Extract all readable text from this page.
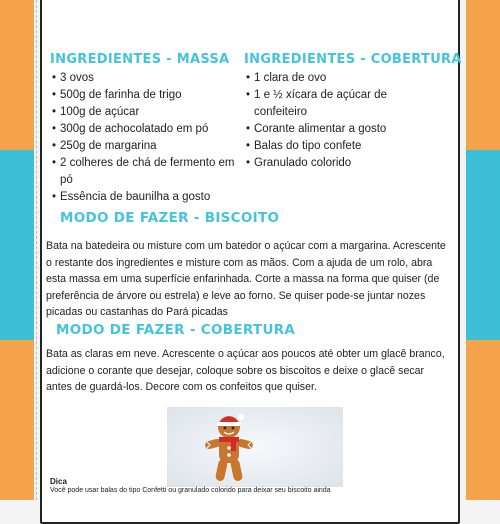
INGREDIENTES - MASSA
• 3 ovos
• 500g de farinha de trigo
• 100g de açúcar
• 300g de achocolatado em pó
• 250g de margarina
• 2 colheres de chá de fermento em pó
• Essência de baunilha a gosto
INGREDIENTES - COBERTURA
• 1 clara de ovo
• 1 e ½ xícara de açúcar de confeiteiro
• Corante alimentar a gosto
• Balas do tipo confete
• Granulado colorido
MODO DE FAZER - BISCOITO
Bata na batedeira ou misture com um batedor o açúcar com a margarina. Acrescente o restante dos ingredientes e misture com as mãos. Com a ajuda de um rolo, abra esta massa em uma superfície enfarinhada. Corte a massa na forma que quiser (de preferência de árvore ou estrela) e leve ao forno. Se quiser pode-se juntar nozes picadas ou castanhas do Pará picadas
MODO DE FAZER - COBERTURA
Bata as claras em neve. Acrescente o açúcar aos poucos até obter um glacê branco, adicione o corante que desejar, coloque sobre os biscoitos e deixe o glacê secar antes de guardá-los. Decore com os confeitos que quiser.
Dica
Você pode usar balas do tipo Confetti ou granulado colorido para deixar seu biscoito ainda
